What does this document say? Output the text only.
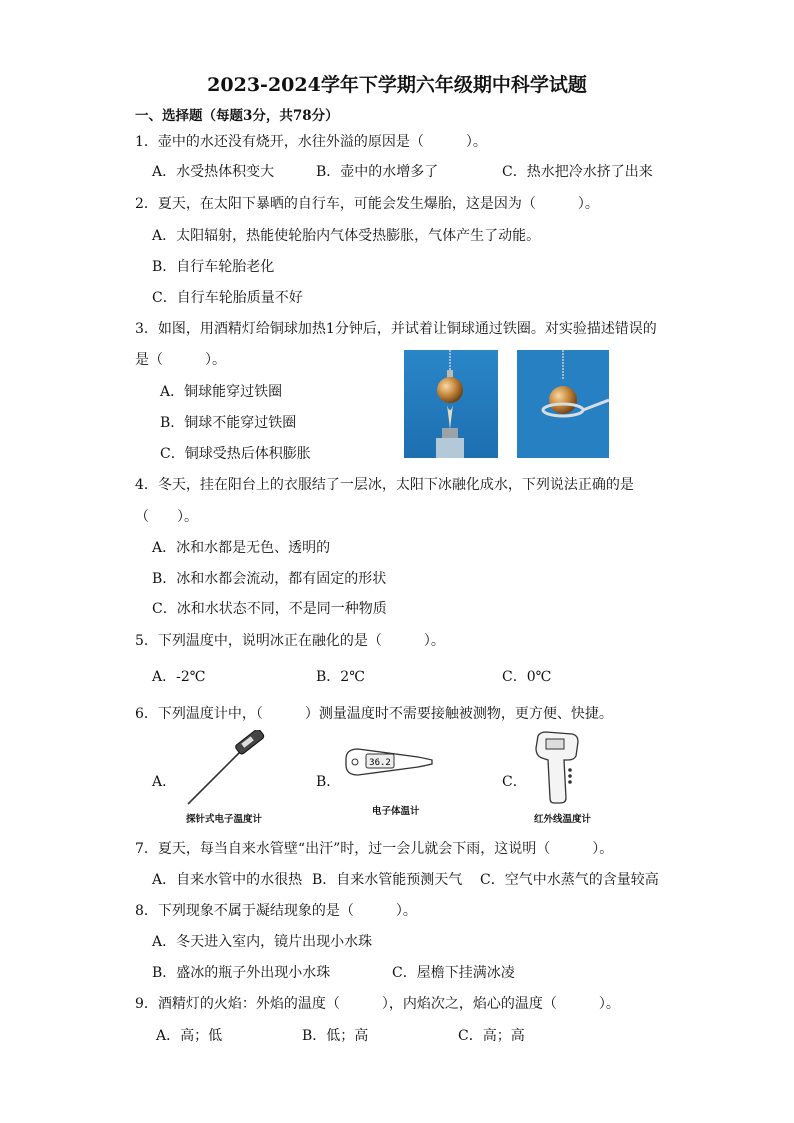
2023-2024学年下学期六年级期中科学试题
一、选择题（每题3分，共78分）
1．壶中的水还没有烧开，水往外溢的原因是（　　　）。
A．水受热体积变大	B．壶中的水增多了	C．热水把冷水挤了出来
2．夏天，在太阳下暴晒的自行车，可能会发生爆胎，这是因为（　　　）。
A．太阳辐射，热能使轮胎内气体受热膨胀，气体产生了动能。
B．自行车轮胎老化
C．自行车轮胎质量不好
3．如图，用酒精灯给铜球加热1分钟后，并试着让铜球通过铁圈。对实验描述错误的
是（　　　）。
A．铜球能穿过铁圈
B．铜球不能穿过铁圈
C．铜球受热后体积膨胀
4．冬天，挂在阳台上的衣服结了一层冰，太阳下冰融化成水，下列说法正确的是
（　　）。
A．冰和水都是无色、透明的
B．冰和水都会流动，都有固定的形状
C．冰和水状态不同，不是同一种物质
5．下列温度中，说明冰正在融化的是（　　　）。
A．-2℃	B．2℃	C．0℃
6．下列温度计中，（　　　）测量温度时不需要接触被测物，更方便、快捷。
A．	B．	C．
探针式电子温度计
36.2
电子体温计
红外线温度计
7．夏天，每当自来水管壁“出汗”时，过一会儿就会下雨，这说明（　　　）。
A．自来水管中的水很热 B．自来水管能预测天气 C．空气中水蒸气的含量较高
8．下列现象不属于凝结现象的是（　　　）。
A．冬天进入室内，镜片出现小水珠
B．盛冰的瓶子外出现小水珠	C．屋檐下挂满冰凌
9．酒精灯的火焰：外焰的温度（　　　），内焰次之，焰心的温度（　　　）。
A．高；低	B．低；高	C．高；高
